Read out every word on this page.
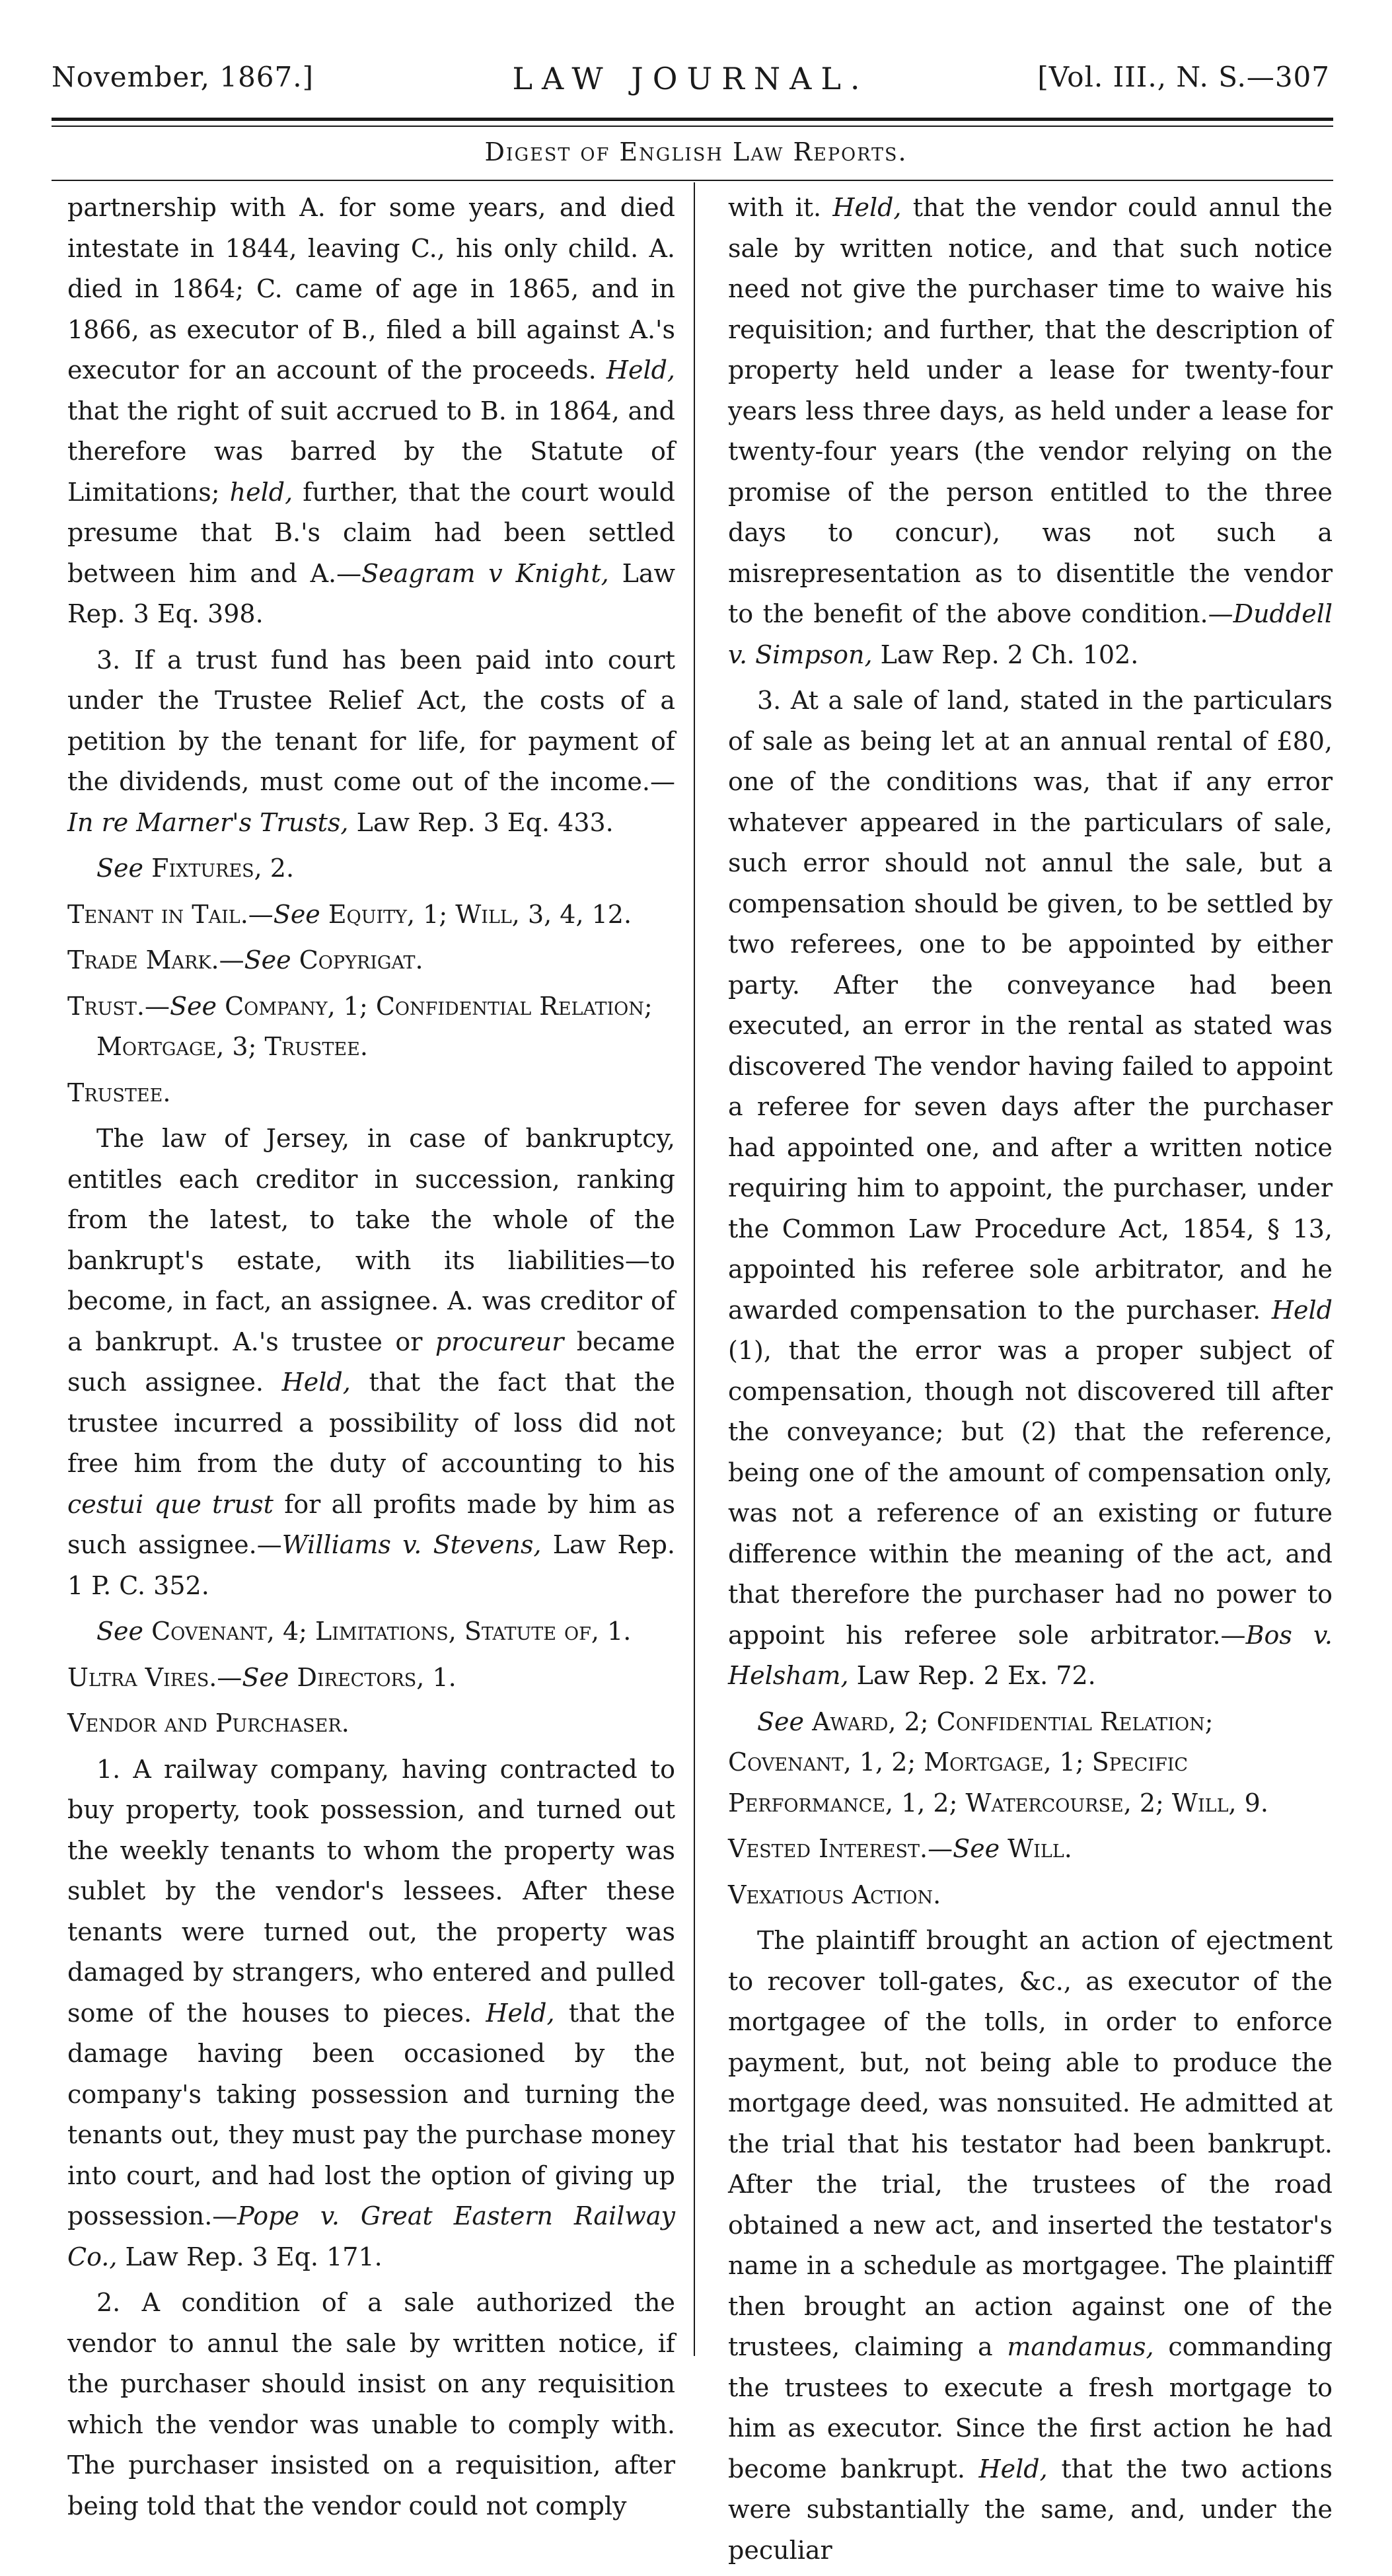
November, 1867.]	LAW JOURNAL.	[Vol. III., N. S.—307
Digest of English Law Reports.

partnership with A. for some years, and died intestate in 1844, leaving C., his only child. A. died in 1864; C. came of age in 1865, and in 1866, as executor of B., filed a bill against A.'s executor for an account of the proceeds. Held, that the right of suit accrued to B. in 1864, and therefore was barred by the Statute of Limitations; held, further, that the court would presume that B.'s claim had been settled between him and A.—Seagram v Knight, Law Rep. 3 Eq. 398.

3. If a trust fund has been paid into court under the Trustee Relief Act, the costs of a petition by the tenant for life, for payment of the dividends, must come out of the income.—In re Marner's Trusts, Law Rep. 3 Eq. 433.

See Fixtures, 2.

Tenant in Tail.—See Equity, 1; Will, 3, 4, 12.

Trade Mark.—See Copyrigat.

Trust.—See Company, 1; Confidential Relation; Mortgage, 3; Trustee.

Trustee.

The law of Jersey, in case of bankruptcy, entitles each creditor in succession, ranking from the latest, to take the whole of the bankrupt's estate, with its liabilities—to become, in fact, an assignee. A. was creditor of a bankrupt. A.'s trustee or procureur became such assignee. Held, that the fact that the trustee incurred a possibility of loss did not free him from the duty of accounting to his cestui que trust for all profits made by him as such assignee.—Williams v. Stevens, Law Rep. 1 P. C. 352.

See Covenant, 4; Limitations, Statute of, 1.

Ultra Vires.—See Directors, 1.

Vendor and Purchaser.

1. A railway company, having contracted to buy property, took possession, and turned out the weekly tenants to whom the property was sublet by the vendor's lessees. After these tenants were turned out, the property was damaged by strangers, who entered and pulled some of the houses to pieces. Held, that the damage having been occasioned by the company's taking possession and turning the tenants out, they must pay the purchase money into court, and had lost the option of giving up possession.—Pope v. Great Eastern Railway Co., Law Rep. 3 Eq. 171.

2. A condition of a sale authorized the vendor to annul the sale by written notice, if the purchaser should insist on any requisition which the vendor was unable to comply with. The purchaser insisted on a requisition, after being told that the vendor could not comply

with it. Held, that the vendor could annul the sale by written notice, and that such notice need not give the purchaser time to waive his requisition; and further, that the description of property held under a lease for twenty-four years less three days, as held under a lease for twenty-four years (the vendor relying on the promise of the person entitled to the three days to concur), was not such a misrepresentation as to disentitle the vendor to the benefit of the above condition.—Duddell v. Simpson, Law Rep. 2 Ch. 102.

3. At a sale of land, stated in the particulars of sale as being let at an annual rental of £80, one of the conditions was, that if any error whatever appeared in the particulars of sale, such error should not annul the sale, but a compensation should be given, to be settled by two referees, one to be appointed by either party. After the conveyance had been executed, an error in the rental as stated was discovered The vendor having failed to appoint a referee for seven days after the purchaser had appointed one, and after a written notice requiring him to appoint, the purchaser, under the Common Law Procedure Act, 1854, § 13, appointed his referee sole arbitrator, and he awarded compensation to the purchaser. Held (1), that the error was a proper subject of compensation, though not discovered till after the conveyance; but (2) that the reference, being one of the amount of compensation only, was not a reference of an existing or future difference within the meaning of the act, and that therefore the purchaser had no power to appoint his referee sole arbitrator.—Bos v. Helsham, Law Rep. 2 Ex. 72.

See Award, 2; Confidential Relation; Covenant, 1, 2; Mortgage, 1; Specific Performance, 1, 2; Watercourse, 2; Will, 9.

Vested Interest.—See Will.

Vexatious Action.

The plaintiff brought an action of ejectment to recover toll-gates, &c., as executor of the mortgagee of the tolls, in order to enforce payment, but, not being able to produce the mortgage deed, was nonsuited. He admitted at the trial that his testator had been bankrupt. After the trial, the trustees of the road obtained a new act, and inserted the testator's name in a schedule as mortgagee. The plaintiff then brought an action against one of the trustees, claiming a mandamus, commanding the trustees to execute a fresh mortgage to him as executor. Since the first action he had become bankrupt. Held, that the two actions were substantially the same, and, under the peculiar
